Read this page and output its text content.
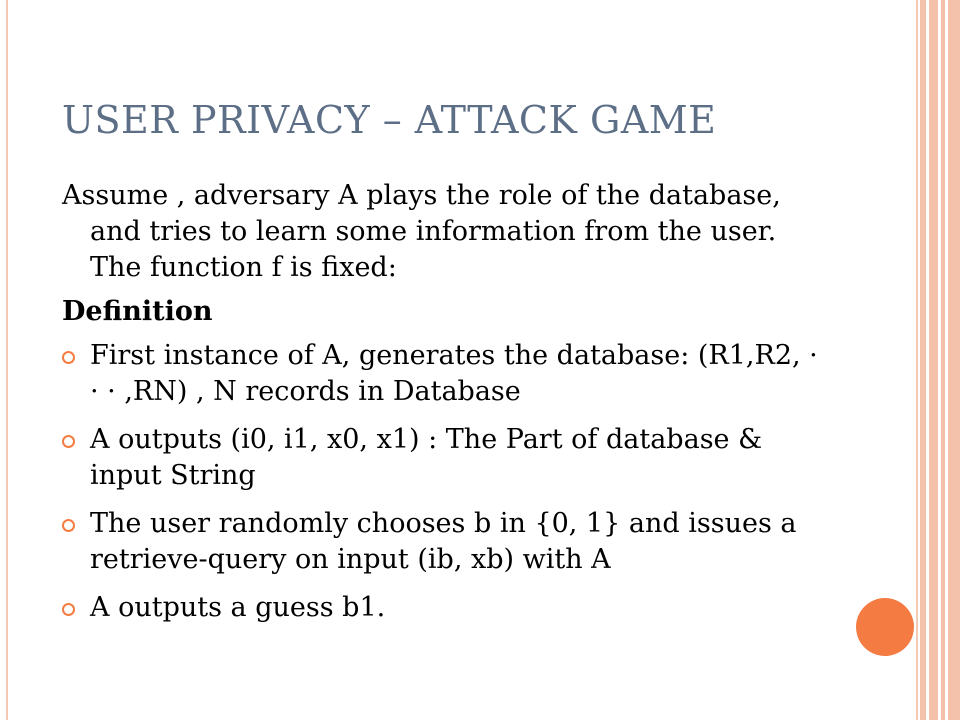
USER PRIVACY – ATTACK GAME

Assume , adversary A plays the role of the database, and tries to learn some information from the user. The function f is fixed:

Definition

First instance of A, generates the database: (R1,R2, · · · ,RN) , N records in Database
A outputs (i0, i1, x0, x1) : The Part of database & input String
The user randomly chooses b in {0, 1} and issues a retrieve-query on input (ib, xb) with A
A outputs a guess b1.
